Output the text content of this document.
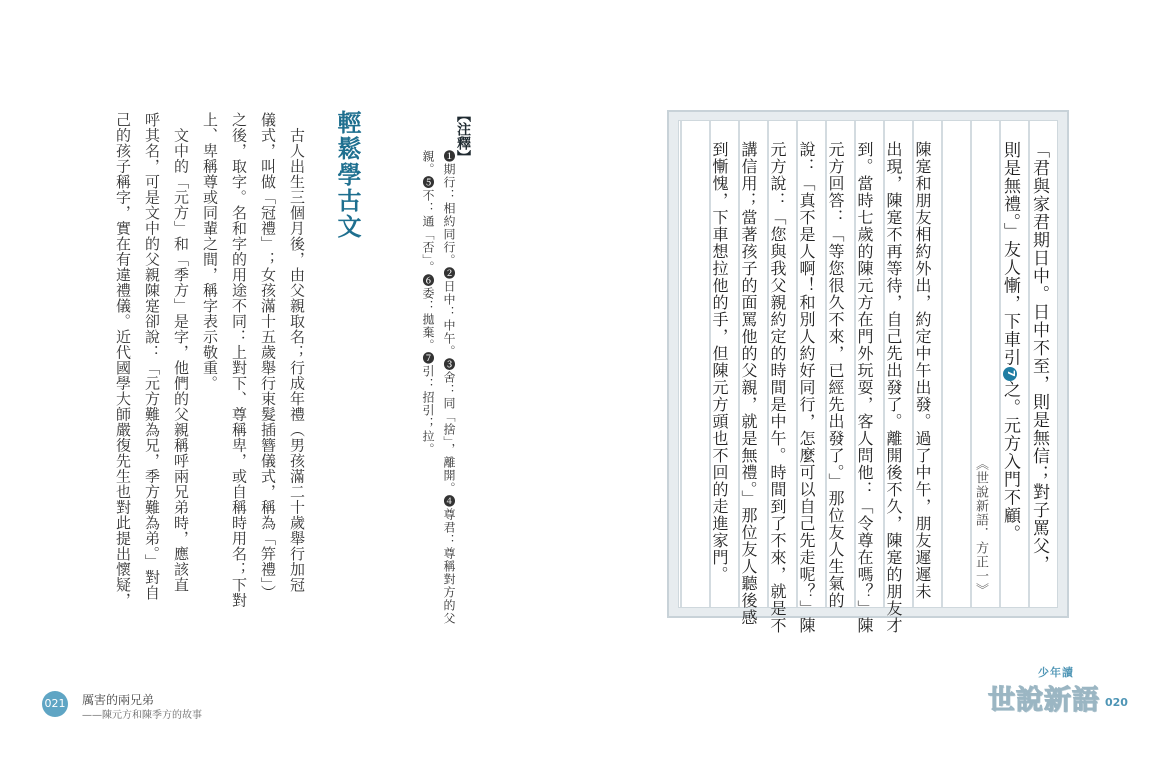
「君與家君期日中。日中不至，則是無信；對子罵父，
則是無禮。」友人慚，下車引7之。元方入門不顧。
《世說新語．方正一》
陳寔和朋友相約外出，約定中午出發。過了中午，朋友遲遲未
出現，陳寔不再等待，自己先出發了。離開後不久，陳寔的朋友才
到。當時七歲的陳元方在門外玩耍，客人問他：「令尊在嗎？」陳
元方回答：「等您很久不來，已經先出發了。」那位友人生氣的
說：「真不是人啊！和別人約好同行，怎麼可以自己先走呢？」陳
元方說：「您與我父親約定的時間是中午。時間到了不來，就是不
講信用；當著孩子的面罵他的父親，就是無禮。」那位友人聽後感
到慚愧，下車想拉他的手，但陳元方頭也不回的走進家門。
【注釋】
❶期行：相約同行。❷日中：中午。❸舍：同「捨」，離開。❹尊君：尊稱對方的父
親。❺不：通「否」。❻委：拋棄。❼引：招引；拉。
輕鬆學古文
　古人出生三個月後，由父親取名；行成年禮（男孩滿二十歲舉行加冠
儀式，叫做「冠禮」；女孩滿十五歲舉行束髮插簪儀式，稱為「笄禮」）
之後，取字。名和字的用途不同：上對下、尊稱卑，或自稱時用名；下對
上、卑稱尊或同輩之間，稱字表示敬重。
　文中的「元方」和「季方」是字，他們的父親稱呼兩兄弟時，應該直
呼其名，可是文中的父親陳寔卻說：「元方難為兄，季方難為弟。」對自
己的孩子稱字，實在有違禮儀。近代國學大師嚴復先生也對此提出懷疑，
021 厲害的兩兄弟
——陳元方和陳季方的故事
少年讀
世說新語 020
